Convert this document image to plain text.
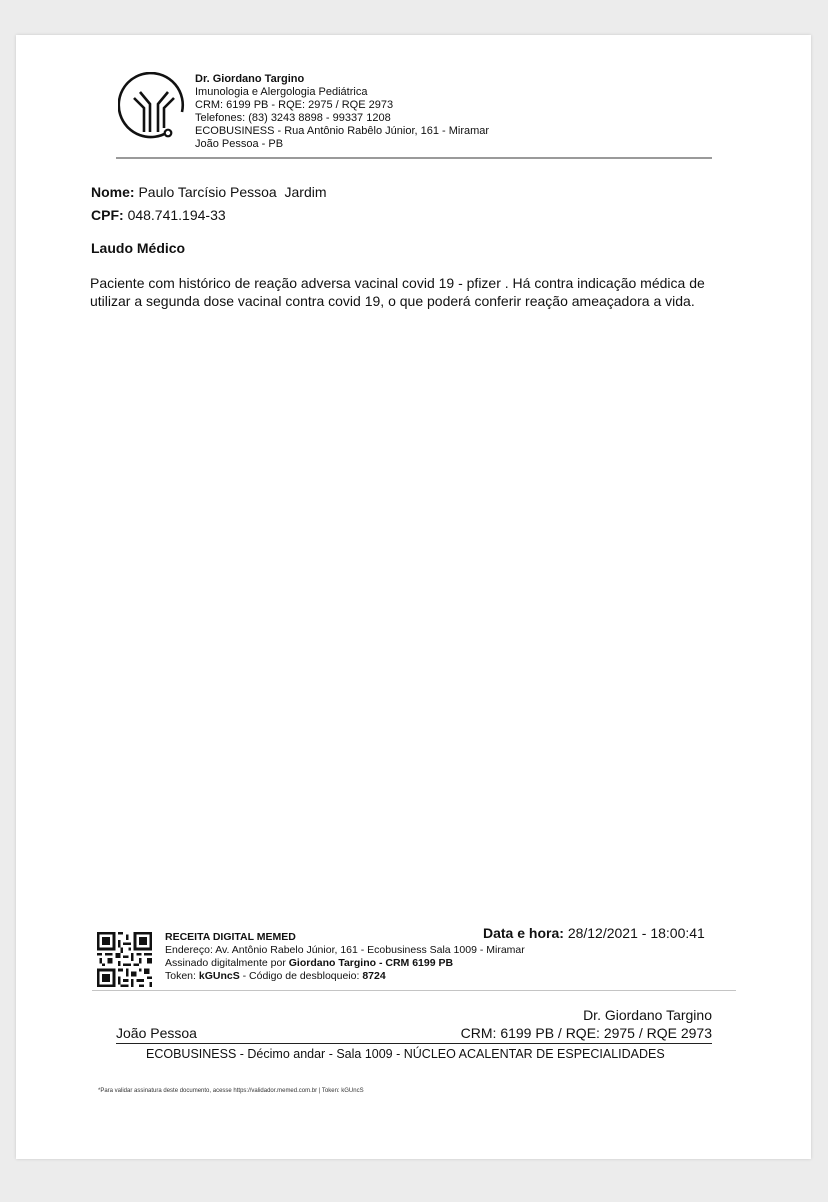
Dr. Giordano Targino
Imunologia e Alergologia Pediátrica
CRM: 6199 PB - RQE: 2975 / RQE 2973
Telefones: (83) 3243 8898 - 99337 1208
ECOBUSINESS - Rua Antônio Rabêlo Júnior, 161 - Miramar
João Pessoa - PB
Nome: Paulo Tarcísio Pessoa  Jardim
CPF: 048.741.194-33
Laudo Médico
Paciente com histórico de reação adversa vacinal covid 19 - pfizer . Há contra indicação médica de utilizar a segunda dose vacinal contra covid 19, o que poderá conferir reação ameaçadora a vida.
RECEITA DIGITAL MEMED	Data e hora: 28/12/2021 - 18:00:41
Endereço: Av. Antônio Rabelo Júnior, 161 - Ecobusiness Sala 1009 - Miramar
Assinado digitalmente por Giordano Targino - CRM 6199 PB
Token: kGUncS - Código de desbloqueio: 8724
Dr. Giordano Targino
João Pessoa	CRM: 6199 PB / RQE: 2975 / RQE 2973
ECOBUSINESS - Décimo andar - Sala 1009 - NÚCLEO ACALENTAR DE ESPECIALIDADES
*Para validar assinatura deste documento, acesse https://validador.memed.com.br | Token: kGUncS
